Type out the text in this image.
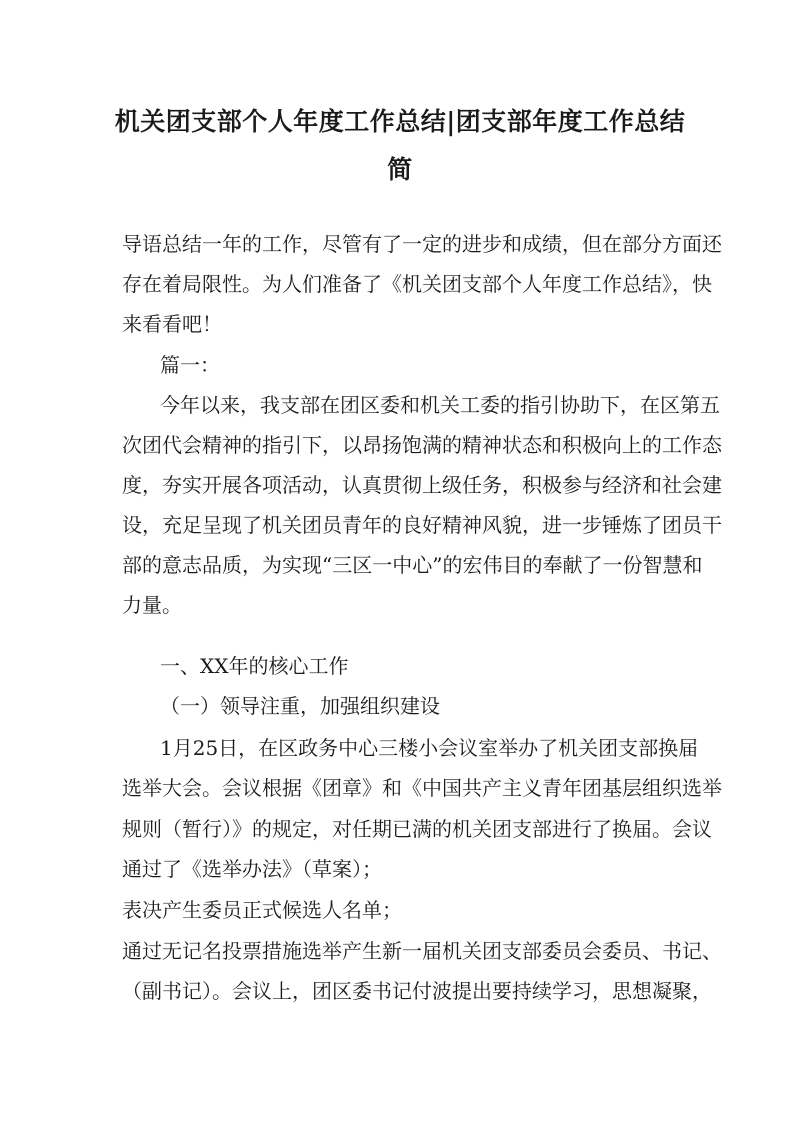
机关团支部个人年度工作总结|团支部年度工作总结
简
导语总结一年的工作，尽管有了一定的进步和成绩，但在部分方面还
存在着局限性。为人们准备了《机关团支部个人年度工作总结》，快
来看看吧！
篇一：
今年以来，我支部在团区委和机关工委的指引协助下，在区第五
次团代会精神的指引下，以昂扬饱满的精神状态和积极向上的工作态
度，夯实开展各项活动，认真贯彻上级任务，积极参与经济和社会建
设，充足呈现了机关团员青年的良好精神风貌，进一步锤炼了团员干
部的意志品质，为实现“三区一中心”的宏伟目的奉献了一份智慧和
力量。
一、XX年的核心工作
（一）领导注重，加强组织建设
1月25日，在区政务中心三楼小会议室举办了机关团支部换届
选举大会。会议根据《团章》和《中国共产主义青年团基层组织选举
规则（暂行）》的规定，对任期已满的机关团支部进行了换届。会议
通过了《选举办法》（草案）；
表决产生委员正式候选人名单；
通过无记名投票措施选举产生新一届机关团支部委员会委员、书记、
（副书记）。会议上，团区委书记付波提出要持续学习，思想凝聚，
